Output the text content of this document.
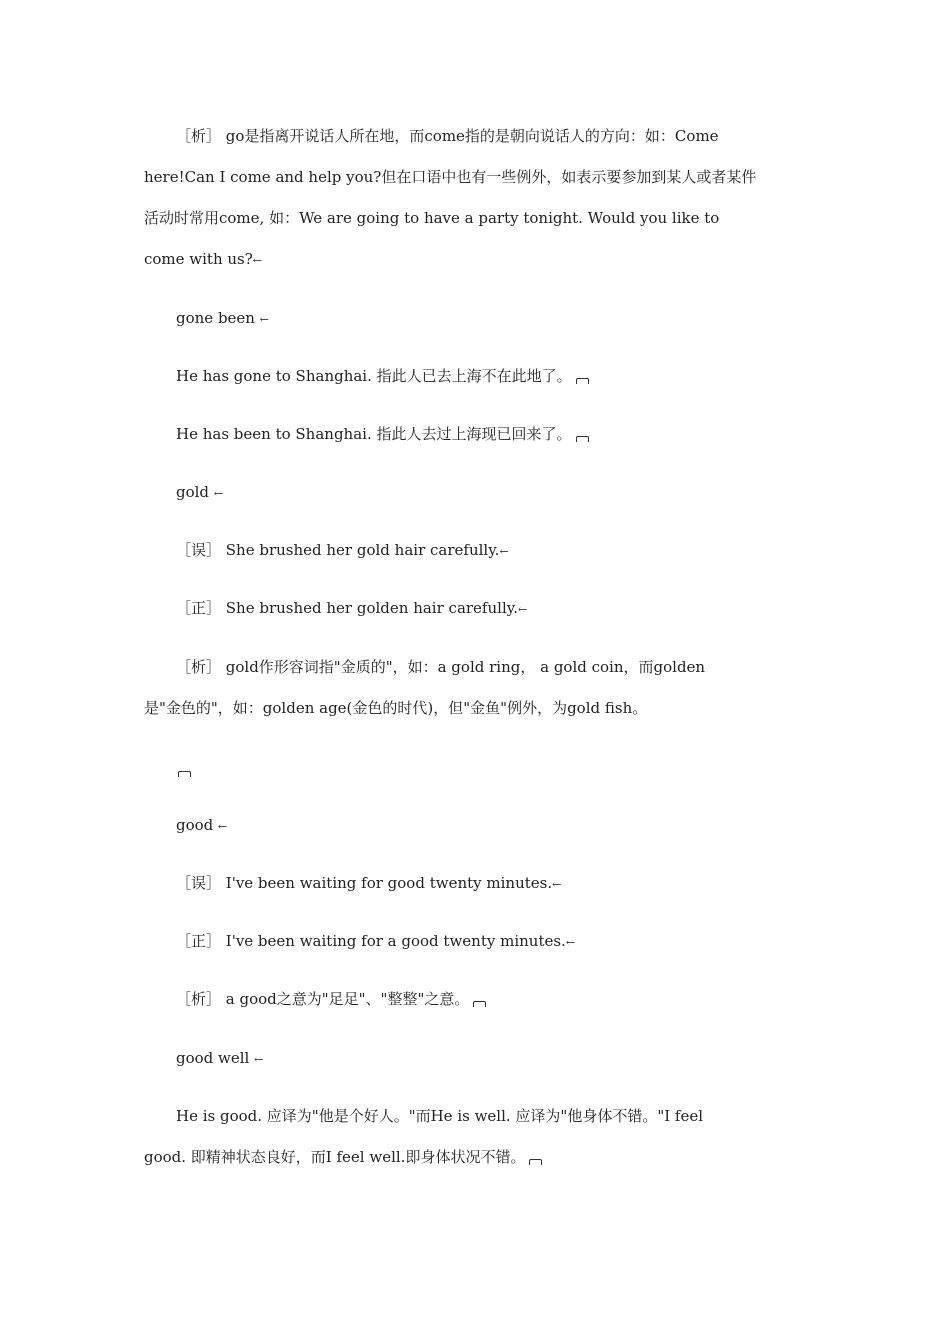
［析］ go是指离开说话人所在地，而come指的是朝向说话人的方向：如：Come
here!Can I come and help you?但在口语中也有一些例外，如表示要参加到某人或者某件
活动时常用come, 如：We are going to have a party tonight. Would you like to
come with us?←
gone been ←
He has gone to Shanghai. 指此人已去上海不在此地了。
He has been to Shanghai. 指此人去过上海现已回来了。
gold ←
［误］ She brushed her gold hair carefully.←
［正］ She brushed her golden hair carefully.←
［析］ gold作形容词指"金质的"，如：a gold ring， a gold coin，而golden
是"金色的"，如：golden age(金色的时代)，但"金鱼"例外，为gold fish。
good ←
［误］ I've been waiting for good twenty minutes.←
［正］ I've been waiting for a good twenty minutes.←
［析］ a good之意为"足足"、"整整"之意。
good well ←
He is good. 应译为"他是个好人。"而He is well. 应译为"他身体不错。"I feel
good. 即精神状态良好，而I feel well.即身体状况不错。
